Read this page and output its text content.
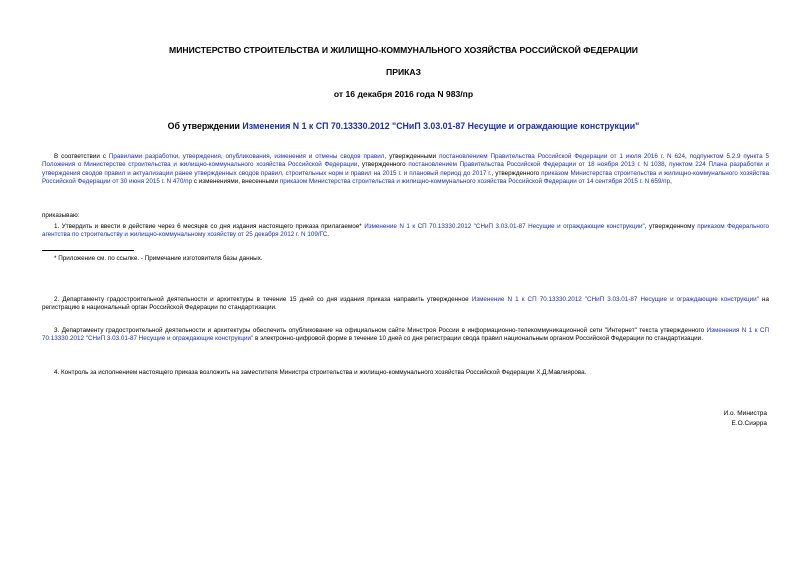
МИНИСТЕРСТВО СТРОИТЕЛЬСТВА И ЖИЛИЩНО-КОММУНАЛЬНОГО ХОЗЯЙСТВА РОССИЙСКОЙ ФЕДЕРАЦИИ
ПРИКАЗ
от 16 декабря 2016 года N 983/пр
Об утверждении Изменения N 1 к СП 70.13330.2012 "СНиП 3.03.01-87 Несущие и ограждающие конструкции"
В соответствии с Правилами разработки, утверждения, опубликования, изменения и отмены сводов правил, утвержденными постановлением Правительства Российской Федерации от 1 июля 2016 г. N 624, подпунктом 5.2.9 пункта 5 Положения о Министерстве строительства и жилищно-коммунального хозяйства Российской Федерации, утвержденного постановлением Правительства Российской Федерации от 18 ноября 2013 г. N 1038, пунктом 224 Плана разработки и утверждения сводов правил и актуализации ранее утвержденных сводов правил, строительных норм и правил на 2015 г. и плановый период до 2017 г., утвержденного приказом Министерства строительства и жилищно-коммунального хозяйства Российской Федерации от 30 июня 2015 г. N 470/пр с изменениями, внесенными приказом Министерства строительства и жилищно-коммунального хозяйства Российской Федерации от 14 сентября 2015 г. N 659/пр,
приказываю:
1. Утвердить и ввести в действие через 6 месяцев со дня издания настоящего приказа прилагаемое* Изменение N 1 к СП 70.13330.2012 "СНиП 3.03.01-87 Несущие и ограждающие конструкции", утвержденному приказом Федерального агентства по строительству и жилищно-коммунальному хозяйству от 25 декабря 2012 г. N 109/ГС.
* Приложение см. по ссылке. - Примечание изготовителя базы данных.
2. Департаменту градостроительной деятельности и архитектуры в течение 15 дней со дня издания приказа направить утвержденное Изменение N 1 к СП 70.13330.2012 "СНиП 3.03.01-87 Несущие и ограждающие конструкции" на регистрацию в национальный орган Российской Федерации по стандартизации.
3. Департаменту градостроительной деятельности и архитектуры обеспечить опубликование на официальном сайте Минстроя России в информационно-телекоммуникационной сети "Интернет" текста утвержденного Изменения N 1 к СП 70.13330.2012 "СНиП 3.03.01-87 Несущие и ограждающие конструкции" в электронно-цифровой форме в течение 10 дней со дня регистрации свода правил национальным органом Российской Федерации по стандартизации.
4. Контроль за исполнением настоящего приказа возложить на заместителя Министра строительства и жилищно-коммунального хозяйства Российской Федерации Х.Д.Мавлиярова.
И.о. Министра
Е.О.Сиэрра
